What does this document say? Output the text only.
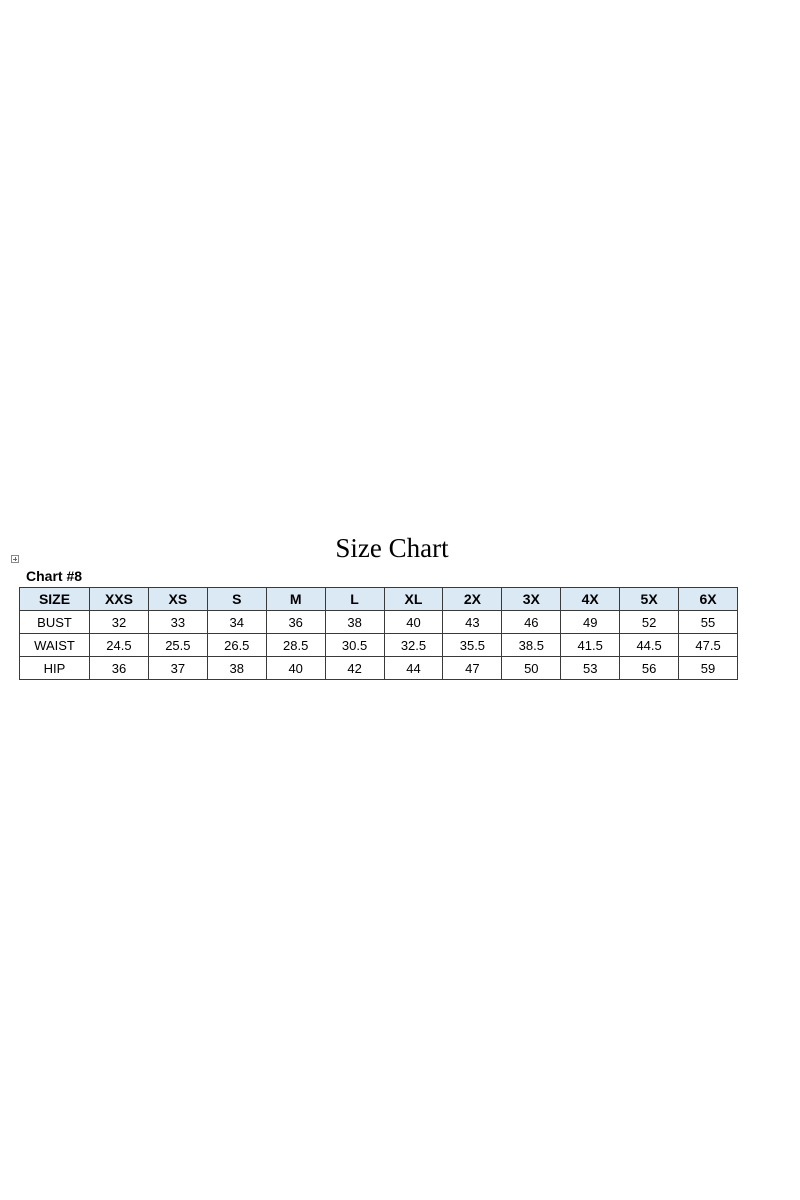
Size Chart
Chart #8
SIZE	XXS	XS	S	M	L	XL	2X	3X	4X	5X	6X
BUST	32	33	34	36	38	40	43	46	49	52	55
WAIST	24.5	25.5	26.5	28.5	30.5	32.5	35.5	38.5	41.5	44.5	47.5
HIP	36	37	38	40	42	44	47	50	53	56	59
